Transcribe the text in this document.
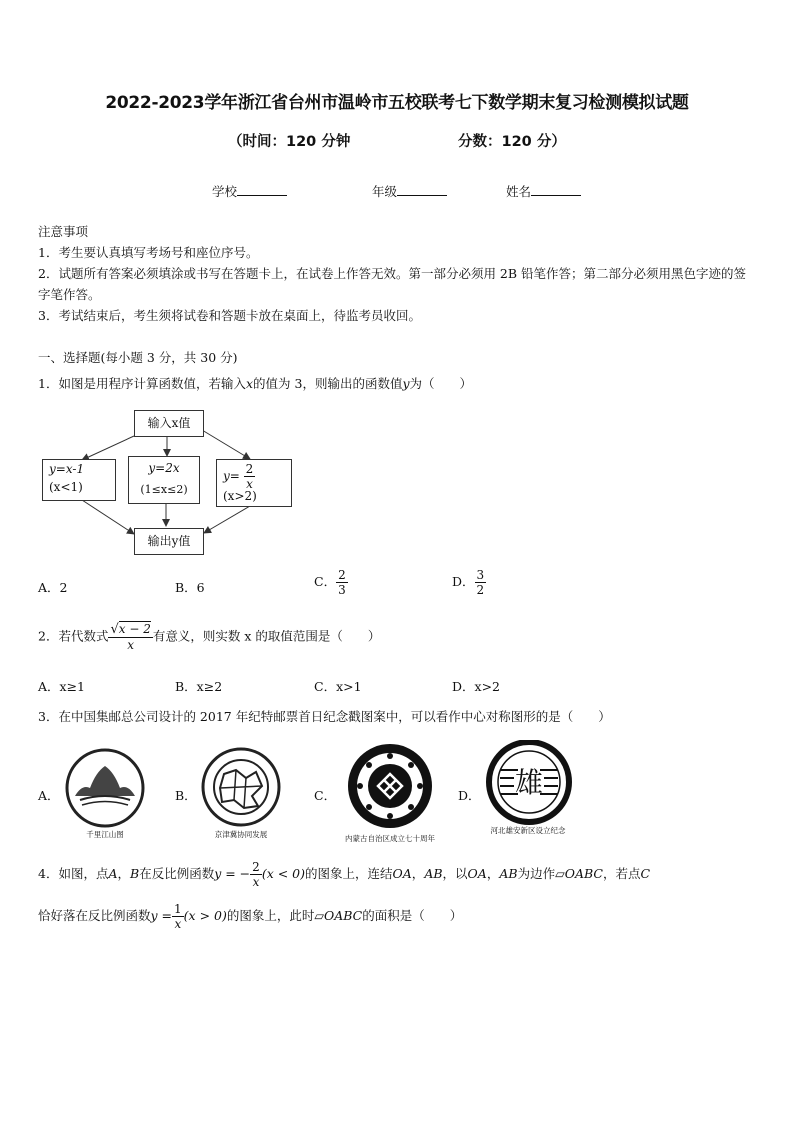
2022-2023学年浙江省台州市温岭市五校联考七下数学期末复习检测模拟试题
（时间：120 分钟	分数：120 分）
学校	年级	姓名
注意事项
1．考生要认真填写考场号和座位序号。
2．试题所有答案必须填涂或书写在答题卡上，在试卷上作答无效。第一部分必须用 2B 铅笔作答；第二部分必须用黑色字迹的签字笔作答。
3．考试结束后，考生须将试卷和答题卡放在桌面上，待监考员收回。
一、选择题(每小题 3 分，共 30 分)
1．如图是用程序计算函数值，若输入x的值为 3，则输出的函数值y为（　　）
输入x值
y=x-1
(x<1)
y=2x
(1≤x≤2)
$y= \frac{2}{x}$
(x>2)
输出y值
A．2	B．6	C． $\frac{2}{3}$	D． $\frac{3}{2}$
2．若代数式 $\frac{√x - 2}{x}$ 有意义，则实数 x 的取值范围是（　　）
A．x≥1	B．x≥2	C．x>1	D．x>2
3．在中国集邮总公司设计的 2017 年纪特邮票首日纪念戳图案中，可以看作中心对称图形的是（　　）
A．	B．	C．	D．
千里江山图	京津冀协同发展	内蒙古自治区成立七十周年
雄
河北雄安新区设立纪念
4．如图，点A，B在反比例函数y = − $\frac{2}{x} (x < 0)$的图象上，连结OA，AB，以OA，AB为边作▱OABC，若点C
恰好落在反比例函数$y = \frac{1}{x} (x > 0)$的图象上，此时▱OABC的面积是（　　）
